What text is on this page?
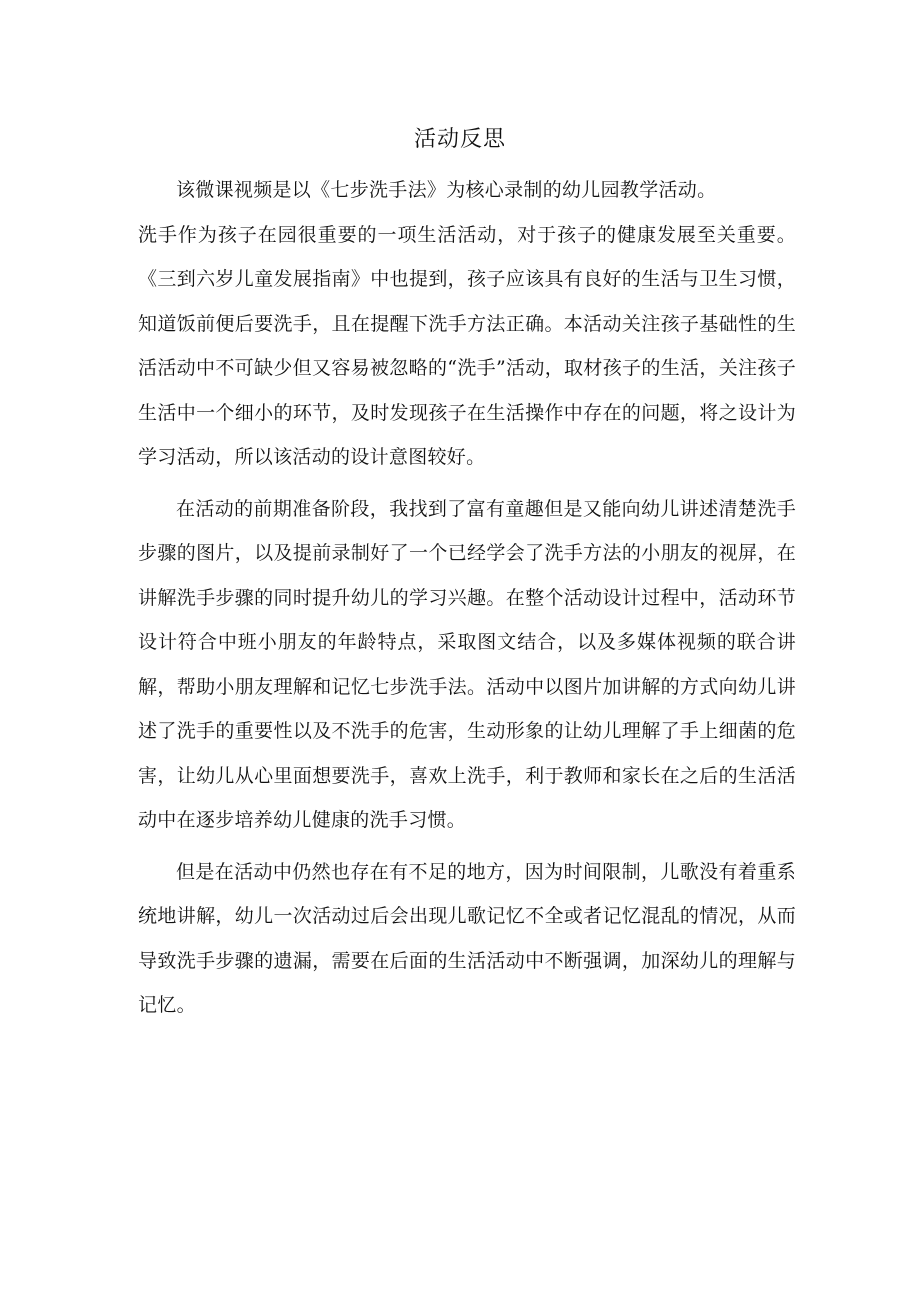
活动反思

该微课视频是以《七步洗手法》为核心录制的幼儿园教学活动。

洗手作为孩子在园很重要的一项生活活动，对于孩子的健康发展至关重要。《三到六岁儿童发展指南》中也提到，孩子应该具有良好的生活与卫生习惯，知道饭前便后要洗手，且在提醒下洗手方法正确。本活动关注孩子基础性的生活活动中不可缺少但又容易被忽略的“洗手”活动，取材孩子的生活，关注孩子生活中一个细小的环节，及时发现孩子在生活操作中存在的问题，将之设计为学习活动，所以该活动的设计意图较好。

在活动的前期准备阶段，我找到了富有童趣但是又能向幼儿讲述清楚洗手步骤的图片，以及提前录制好了一个已经学会了洗手方法的小朋友的视屏，在讲解洗手步骤的同时提升幼儿的学习兴趣。在整个活动设计过程中，活动环节设计符合中班小朋友的年龄特点，采取图文结合，以及多媒体视频的联合讲解，帮助小朋友理解和记忆七步洗手法。活动中以图片加讲解的方式向幼儿讲述了洗手的重要性以及不洗手的危害，生动形象的让幼儿理解了手上细菌的危害，让幼儿从心里面想要洗手，喜欢上洗手，利于教师和家长在之后的生活活动中在逐步培养幼儿健康的洗手习惯。

但是在活动中仍然也存在有不足的地方，因为时间限制，儿歌没有着重系统地讲解，幼儿一次活动过后会出现儿歌记忆不全或者记忆混乱的情况，从而导致洗手步骤的遗漏，需要在后面的生活活动中不断强调，加深幼儿的理解与记忆。
